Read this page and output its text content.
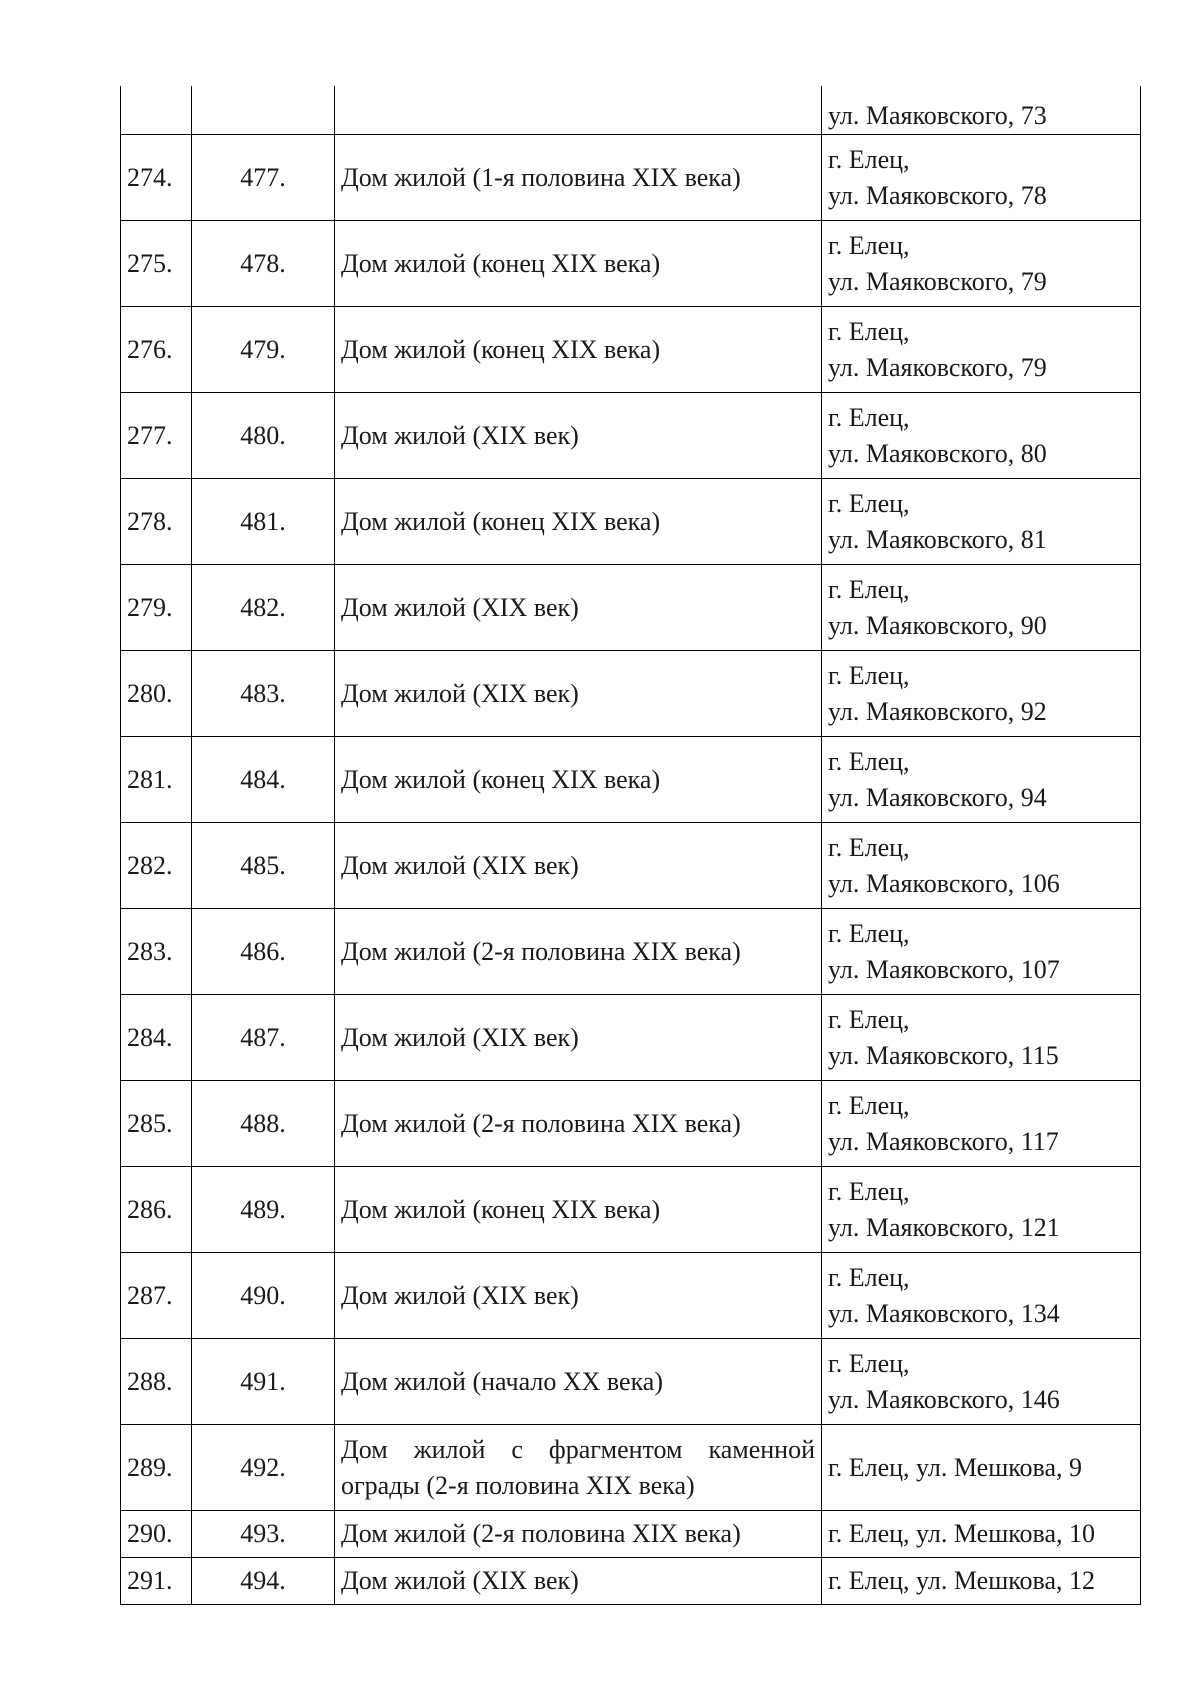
			ул. Маяковского, 73

274.	477.	Дом жилой (1-я половина XIX века)	г. Елец,
ул. Маяковского, 78

275.	478.	Дом жилой (конец XIX века)	г. Елец,
ул. Маяковского, 79

276.	479.	Дом жилой (конец XIX века)	г. Елец,
ул. Маяковского, 79

277.	480.	Дом жилой (XIX век)	г. Елец,
ул. Маяковского, 80

278.	481.	Дом жилой (конец XIX века)	г. Елец,
ул. Маяковского, 81

279.	482.	Дом жилой (XIX век)	г. Елец,
ул. Маяковского, 90

280.	483.	Дом жилой (XIX век)	г. Елец,
ул. Маяковского, 92

281.	484.	Дом жилой (конец XIX века)	г. Елец,
ул. Маяковского, 94

282.	485.	Дом жилой (XIX век)	г. Елец,
ул. Маяковского, 106

283.	486.	Дом жилой (2-я половина XIX века)	г. Елец,
ул. Маяковского, 107

284.	487.	Дом жилой (XIX век)	г. Елец,
ул. Маяковского, 115

285.	488.	Дом жилой (2-я половина XIX века)	г. Елец,
ул. Маяковского, 117

286.	489.	Дом жилой (конец XIX века)	г. Елец,
ул. Маяковского, 121

287.	490.	Дом жилой (XIX век)	г. Елец,
ул. Маяковского, 134

288.	491.	Дом жилой (начало XX века)	г. Елец,
ул. Маяковского, 146

289.	492.	Дом жилой с фрагментом каменной ограды (2-я половина XIX века)	г. Елец, ул. Мешкова, 9

290.	493.	Дом жилой (2-я половина XIX века)	г. Елец, ул. Мешкова, 10

291.	494.	Дом жилой (XIX век)	г. Елец, ул. Мешкова, 12
